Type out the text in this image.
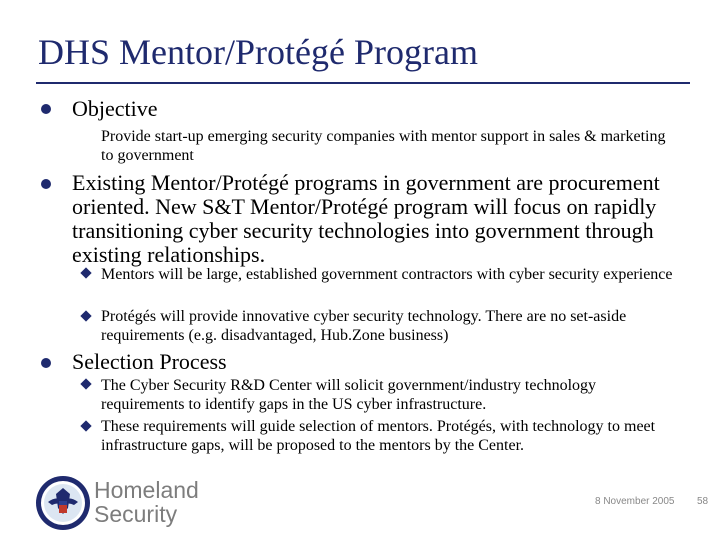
DHS Mentor/Protégé Program
Objective
Provide start-up emerging security companies with mentor support in sales & marketing to government
Existing Mentor/Protégé programs in government are procurement oriented. New S&T Mentor/Protégé program will focus on rapidly transitioning cyber security technologies into government through existing relationships.
Mentors will be large, established government contractors with cyber security experience
Protégés will provide innovative cyber security technology. There are no set-aside requirements (e.g. disadvantaged, Hub.Zone business)
Selection Process
The Cyber Security R&D Center will solicit government/industry technology requirements to identify gaps in the US cyber infrastructure.
These requirements will guide selection of mentors. Protégés, with technology to meet infrastructure gaps, will be proposed to the mentors by the Center.
Homeland
Security	8 November 2005 58
